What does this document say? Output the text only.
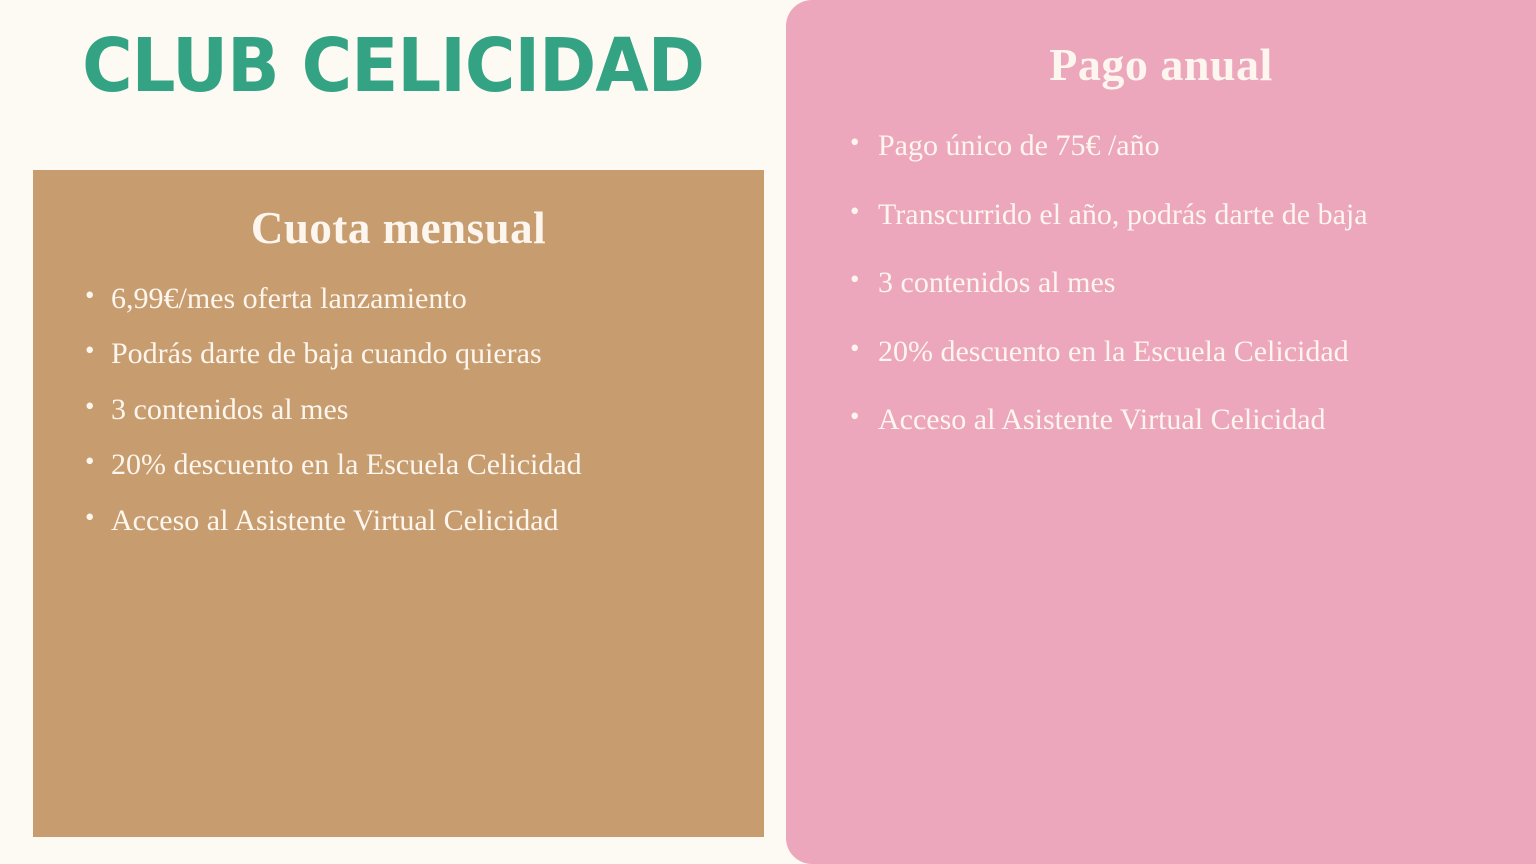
CLUB CELICIDAD
Cuota mensual
• 6,99€/mes oferta lanzamiento
• Podrás darte de baja cuando quieras
• 3 contenidos al mes
• 20% descuento en la Escuela Celicidad
• Acceso al Asistente Virtual Celicidad
Pago anual
• Pago único de 75€ /año
• Transcurrido el año, podrás darte de baja
• 3 contenidos al mes
• 20% descuento en la Escuela Celicidad
• Acceso al Asistente Virtual Celicidad
